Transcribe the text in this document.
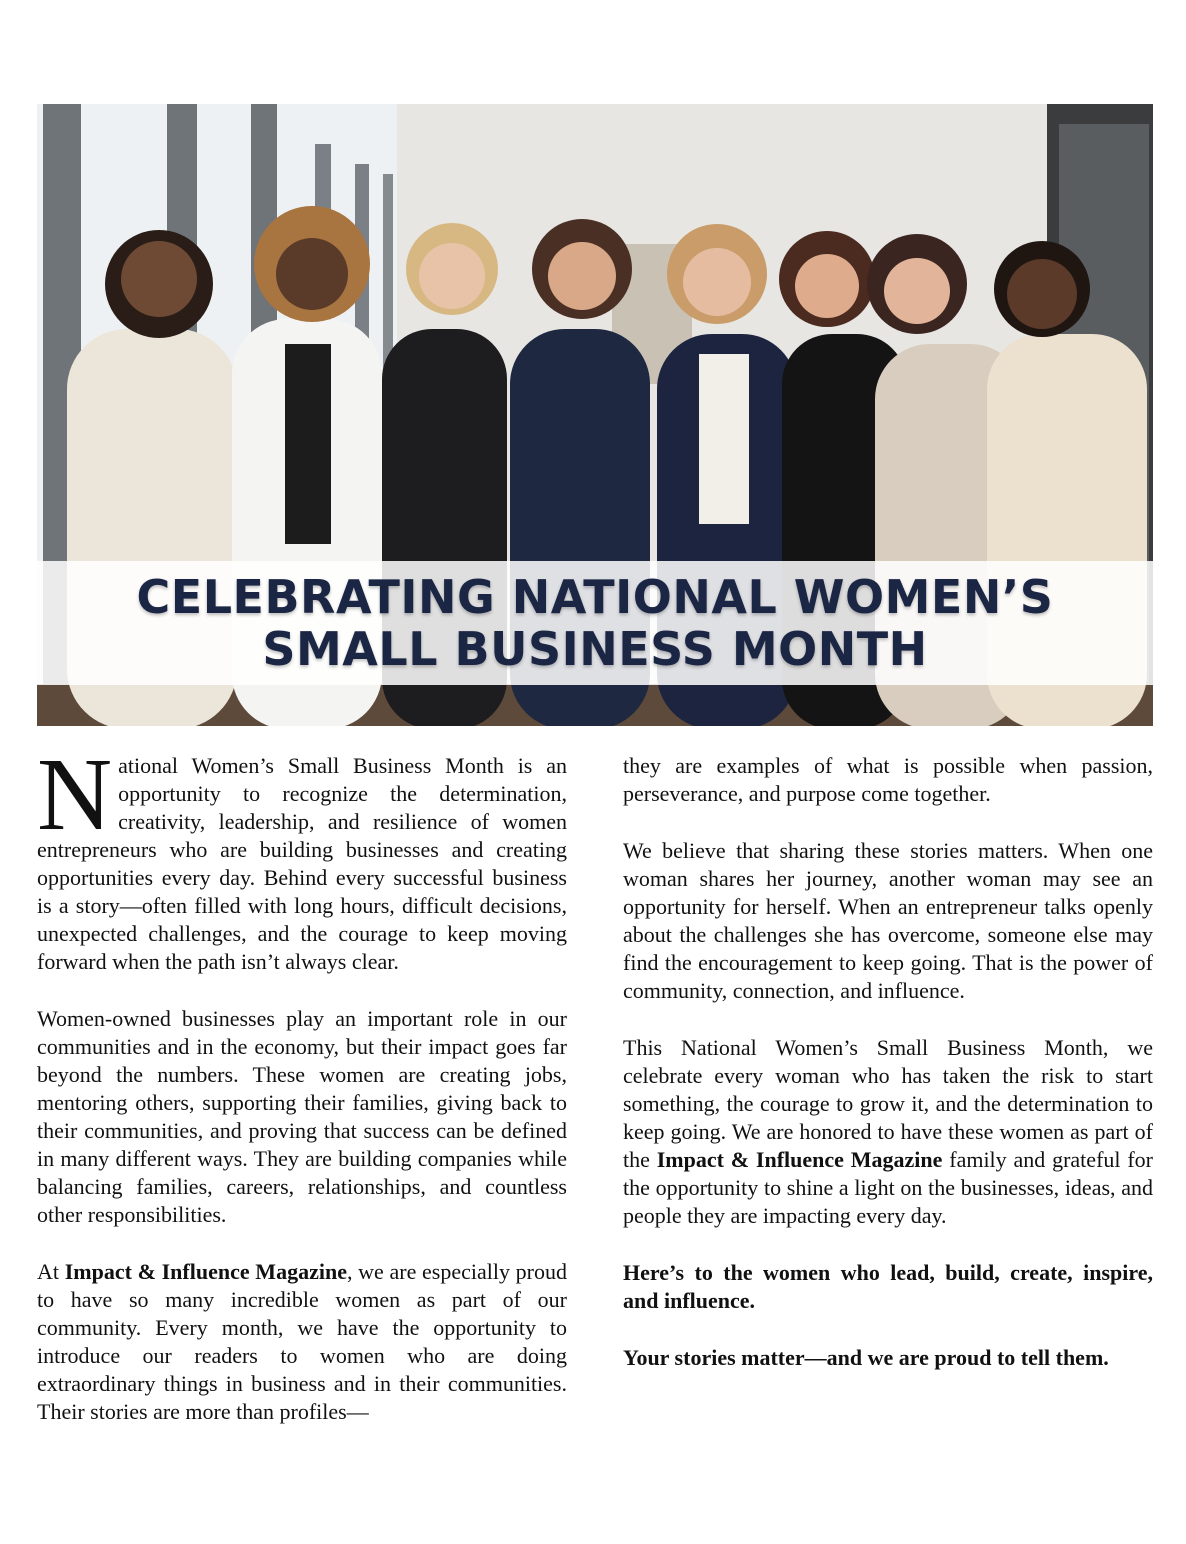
CELEBRATING NATIONAL WOMEN’S
SMALL BUSINESS MONTH

National Women’s Small Business Month is an opportunity to recognize the determination, creativity, leadership, and resilience of women entrepreneurs who are building businesses and creating opportunities every day. Behind every successful business is a story—often filled with long hours, difficult decisions, unexpected challenges, and the courage to keep moving forward when the path isn’t always clear.

Women-owned businesses play an important role in our communities and in the economy, but their impact goes far beyond the numbers. These women are creating jobs, mentoring others, supporting their families, giving back to their communities, and proving that success can be defined in many different ways. They are building companies while balancing families, careers, relationships, and countless other responsibilities.

At Impact & Influence Magazine, we are especially proud to have so many incredible women as part of our community. Every month, we have the opportunity to introduce our readers to women who are doing extraordinary things in business and in their communities. Their stories are more than profiles—

they are examples of what is possible when passion, perseverance, and purpose come together.

We believe that sharing these stories matters. When one woman shares her journey, another woman may see an opportunity for herself. When an entrepreneur talks openly about the challenges she has overcome, someone else may find the encouragement to keep going. That is the power of community, connection, and influence.

This National Women’s Small Business Month, we celebrate every woman who has taken the risk to start something, the courage to grow it, and the determination to keep going. We are honored to have these women as part of the Impact & Influence Magazine family and grateful for the opportunity to shine a light on the businesses, ideas, and people they are impacting every day.

Here’s to the women who lead, build, create, inspire, and influence.

Your stories matter—and we are proud to tell them.
